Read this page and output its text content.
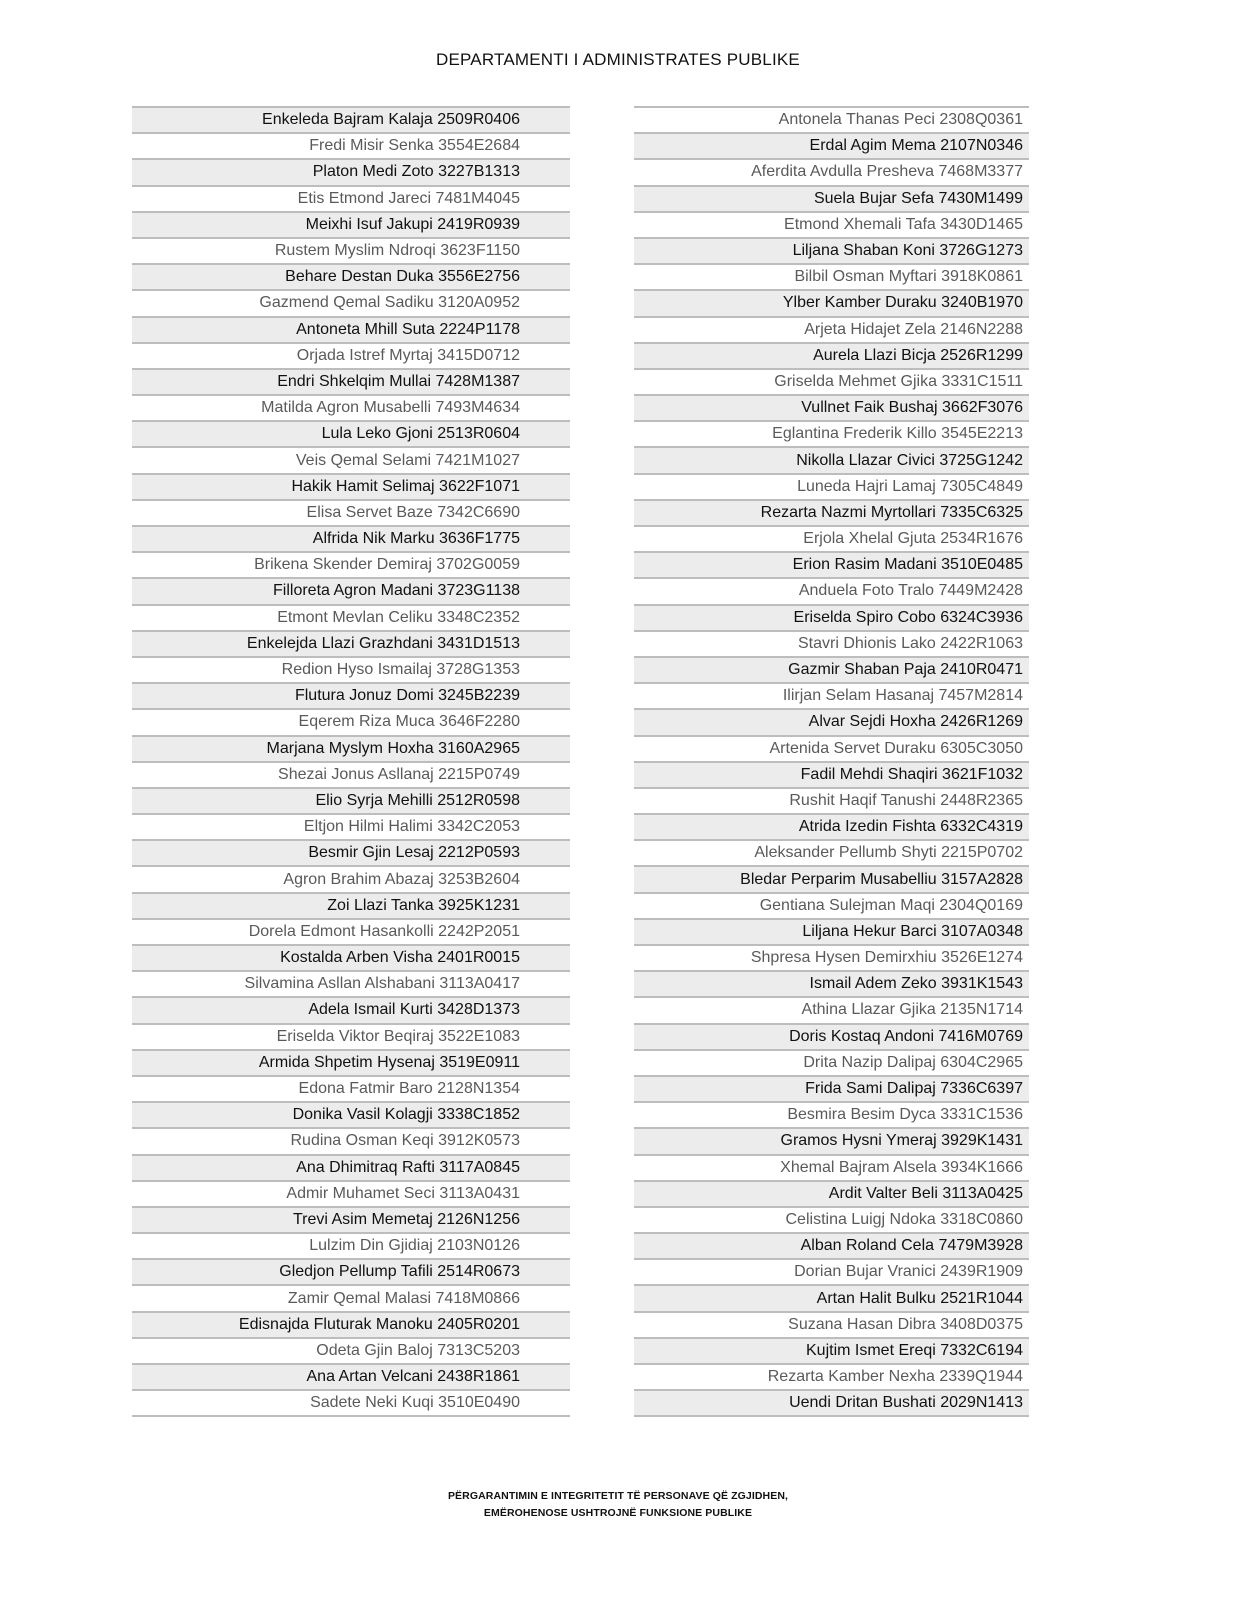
DEPARTAMENTI I ADMINISTRATES PUBLIKE
Enkeleda Bajram Kalaja 2509R0406
Fredi Misir Senka 3554E2684
Platon Medi Zoto 3227B1313
Etis Etmond Jareci 7481M4045
Meixhi Isuf Jakupi 2419R0939
Rustem Myslim Ndroqi 3623F1150
Behare Destan Duka 3556E2756
Gazmend Qemal Sadiku 3120A0952
Antoneta Mhill Suta 2224P1178
Orjada Istref Myrtaj 3415D0712
Endri Shkelqim Mullai 7428M1387
Matilda Agron Musabelli 7493M4634
Lula Leko Gjoni 2513R0604
Veis Qemal Selami 7421M1027
Hakik Hamit Selimaj 3622F1071
Elisa Servet Baze 7342C6690
Alfrida Nik Marku 3636F1775
Brikena Skender Demiraj 3702G0059
Filloreta Agron Madani 3723G1138
Etmont Mevlan Celiku 3348C2352
Enkelejda Llazi Grazhdani 3431D1513
Redion Hyso Ismailaj 3728G1353
Flutura Jonuz Domi 3245B2239
Eqerem Riza Muca 3646F2280
Marjana Myslym Hoxha 3160A2965
Shezai Jonus Asllanaj 2215P0749
Elio Syrja Mehilli 2512R0598
Eltjon Hilmi Halimi 3342C2053
Besmir Gjin Lesaj 2212P0593
Agron Brahim Abazaj 3253B2604
Zoi Llazi Tanka 3925K1231
Dorela Edmont Hasankolli 2242P2051
Kostalda Arben Visha 2401R0015
Silvamina Asllan Alshabani 3113A0417
Adela Ismail Kurti 3428D1373
Eriselda Viktor Beqiraj 3522E1083
Armida Shpetim Hysenaj 3519E0911
Edona Fatmir Baro 2128N1354
Donika Vasil Kolagji 3338C1852
Rudina Osman Keqi 3912K0573
Ana Dhimitraq Rafti 3117A0845
Admir Muhamet Seci 3113A0431
Trevi Asim Memetaj 2126N1256
Lulzim Din Gjidiaj 2103N0126
Gledjon Pellump Tafili 2514R0673
Zamir Qemal Malasi 7418M0866
Edisnajda Fluturak Manoku 2405R0201
Odeta Gjin Baloj 7313C5203
Ana Artan Velcani 2438R1861
Sadete Neki Kuqi 3510E0490
Antonela Thanas Peci 2308Q0361
Erdal Agim Mema 2107N0346
Aferdita Avdulla Presheva 7468M3377
Suela Bujar Sefa 7430M1499
Etmond Xhemali Tafa 3430D1465
Liljana Shaban Koni 3726G1273
Bilbil Osman Myftari 3918K0861
Ylber Kamber Duraku 3240B1970
Arjeta Hidajet Zela 2146N2288
Aurela Llazi Bicja 2526R1299
Griselda Mehmet Gjika 3331C1511
Vullnet Faik Bushaj 3662F3076
Eglantina Frederik Killo 3545E2213
Nikolla Llazar Civici 3725G1242
Luneda Hajri Lamaj 7305C4849
Rezarta Nazmi Myrtollari 7335C6325
Erjola Xhelal Gjuta 2534R1676
Erion Rasim Madani 3510E0485
Anduela Foto Tralo 7449M2428
Eriselda Spiro Cobo 6324C3936
Stavri Dhionis Lako 2422R1063
Gazmir Shaban Paja 2410R0471
Ilirjan Selam Hasanaj 7457M2814
Alvar Sejdi Hoxha 2426R1269
Artenida Servet Duraku 6305C3050
Fadil Mehdi Shaqiri 3621F1032
Rushit Haqif Tanushi 2448R2365
Atrida Izedin Fishta 6332C4319
Aleksander Pellumb Shyti 2215P0702
Bledar Perparim Musabelliu 3157A2828
Gentiana Sulejman Maqi 2304Q0169
Liljana Hekur Barci 3107A0348
Shpresa Hysen Demirxhiu 3526E1274
Ismail Adem Zeko 3931K1543
Athina Llazar Gjika 2135N1714
Doris Kostaq Andoni 7416M0769
Drita Nazip Dalipaj 6304C2965
Frida Sami Dalipaj 7336C6397
Besmira Besim Dyca 3331C1536
Gramos Hysni Ymeraj 3929K1431
Xhemal Bajram Alsela 3934K1666
Ardit Valter Beli 3113A0425
Celistina Luigj Ndoka 3318C0860
Alban Roland Cela 7479M3928
Dorian Bujar Vranici 2439R1909
Artan Halit Bulku 2521R1044
Suzana Hasan Dibra 3408D0375
Kujtim Ismet Ereqi 7332C6194
Rezarta Kamber Nexha 2339Q1944
Uendi Dritan Bushati 2029N1413
PËRGARANTIMIN E INTEGRITETIT TË PERSONAVE QË ZGJIDHEN,
EMËROHENOSE USHTROJNË FUNKSIONE PUBLIKE
